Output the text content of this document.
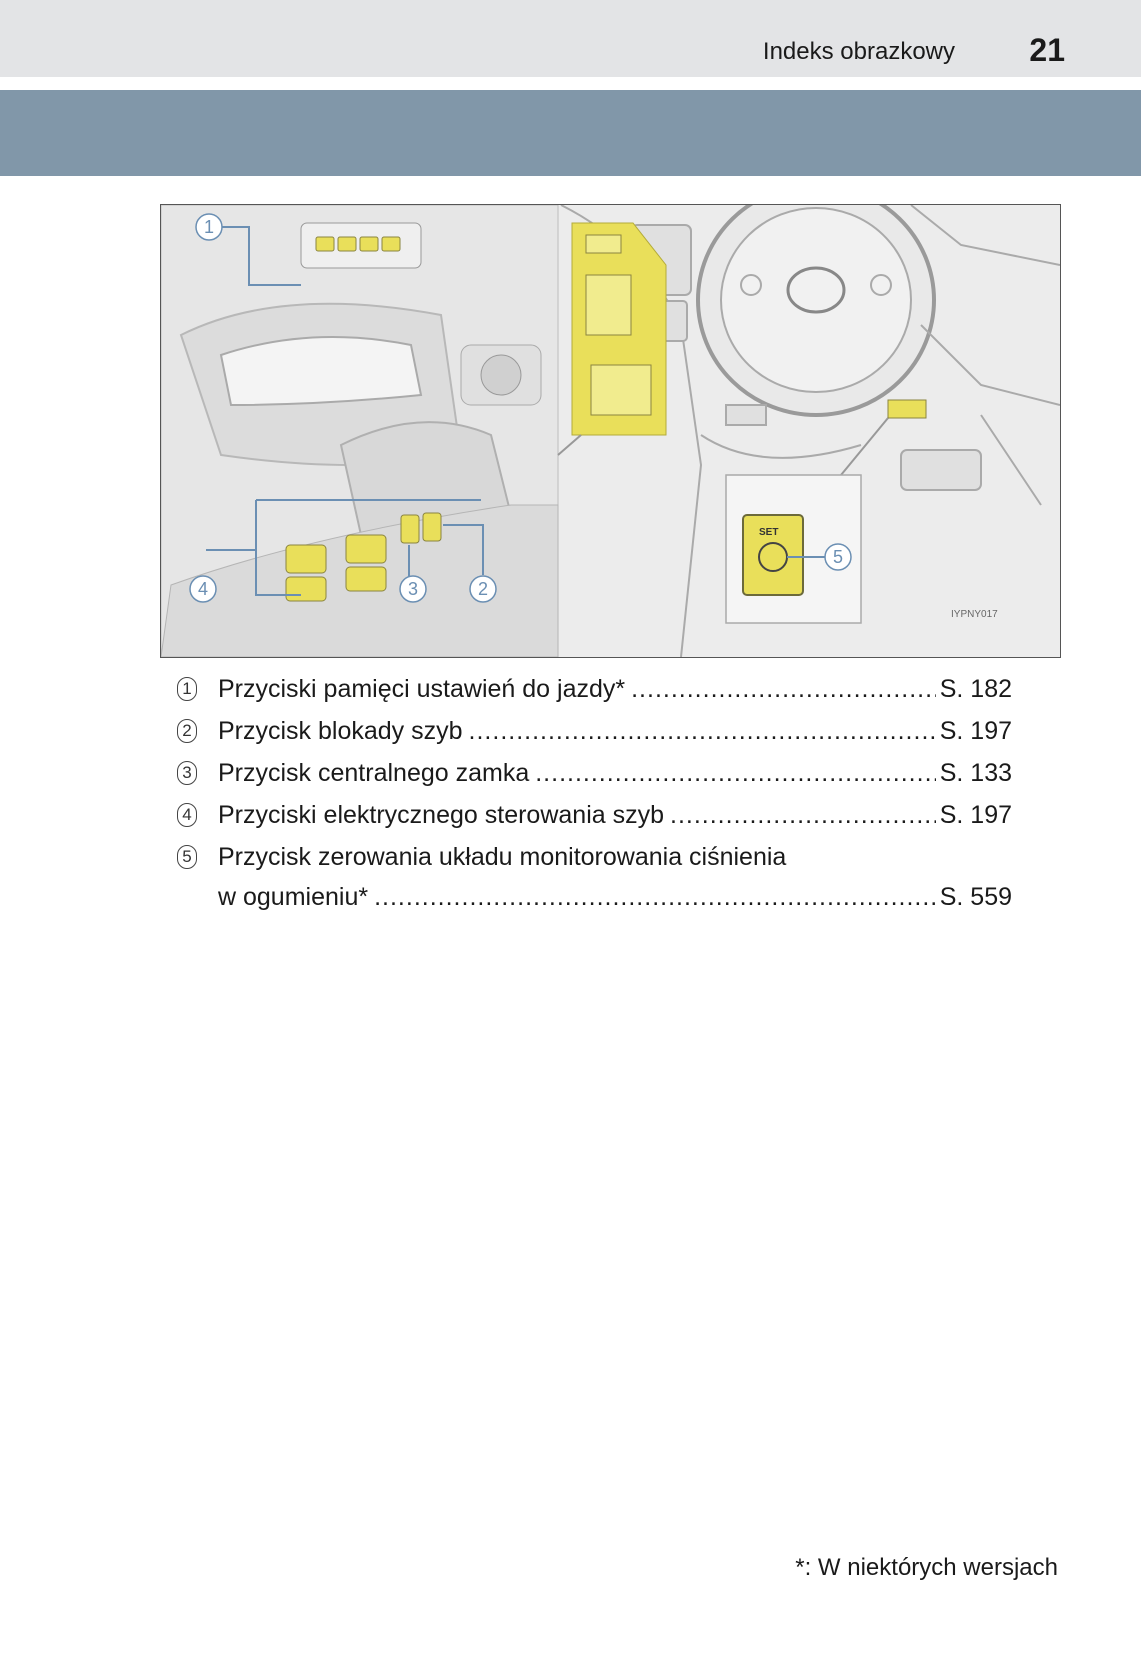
Indeks obrazkowy 21
1
4	3	2
SET
5
IYPNY017
1 Przyciski pamięci ustawień do jazdy* .....	S. 182
2 Przycisk blokady szyb .....	S. 197
3 Przycisk centralnego zamka .....	S. 133
4 Przyciski elektrycznego sterowania szyb .....	S. 197
5 Przycisk zerowania układu monitorowania ciśnienia
w ogumieniu* .....	S. 559
*: W niektórych wersjach
